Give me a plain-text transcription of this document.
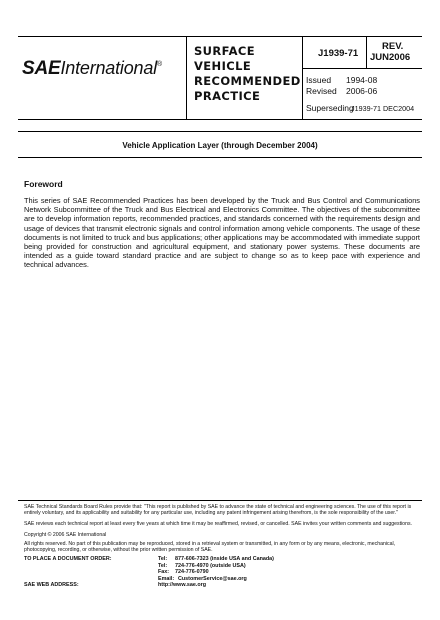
SAEInternational®
SURFACE
VEHICLE
RECOMMENDED
PRACTICE
J1939-71
REV.
JUN2006
Issued 1994-08
Revised 2006-06
Superseding
J1939-71 DEC2004
Vehicle Application Layer (through December 2004)
Foreword
This series of SAE Recommended Practices has been developed by the Truck and Bus Control and Communications Network Subcommittee of the Truck and Bus Electrical and Electronics Committee. The objectives of the subcommittee are to develop information reports, recommended practices, and standards concerned with the requirements design and usage of devices that transmit electronic signals and control information among vehicle components. The usage of these documents is not limited to truck and bus applications; other applications may be accommodated with immediate support being provided for construction and agricultural equipment, and stationary power systems. These documents are intended as a guide toward standard practice and are subject to change so as to keep pace with experience and technical advances.
SAE Technical Standards Board Rules provide that: "This report is published by SAE to advance the state of technical and engineering sciences. The use of this report is entirely voluntary, and its applicability and suitability for any particular use, including any patent infringement arising therefrom, is the sole responsibility of the user."
SAE reviews each technical report at least every five years at which time it may be reaffirmed, revised, or cancelled. SAE invites your written comments and suggestions.
Copyright © 2006 SAE International
All rights reserved. No part of this publication may be reproduced, stored in a retrieval system or transmitted, in any form or by any means, electronic, mechanical, photocopying, recording, or otherwise, without the prior written permission of SAE.
TO PLACE A DOCUMENT ORDER:	Tel: 877-606-7323 (inside USA and Canada)
Tel: 724-776-4970 (outside USA)
Fax: 724-776-0790
Email: CustomerService@sae.org
SAE WEB ADDRESS:	http://www.sae.org
